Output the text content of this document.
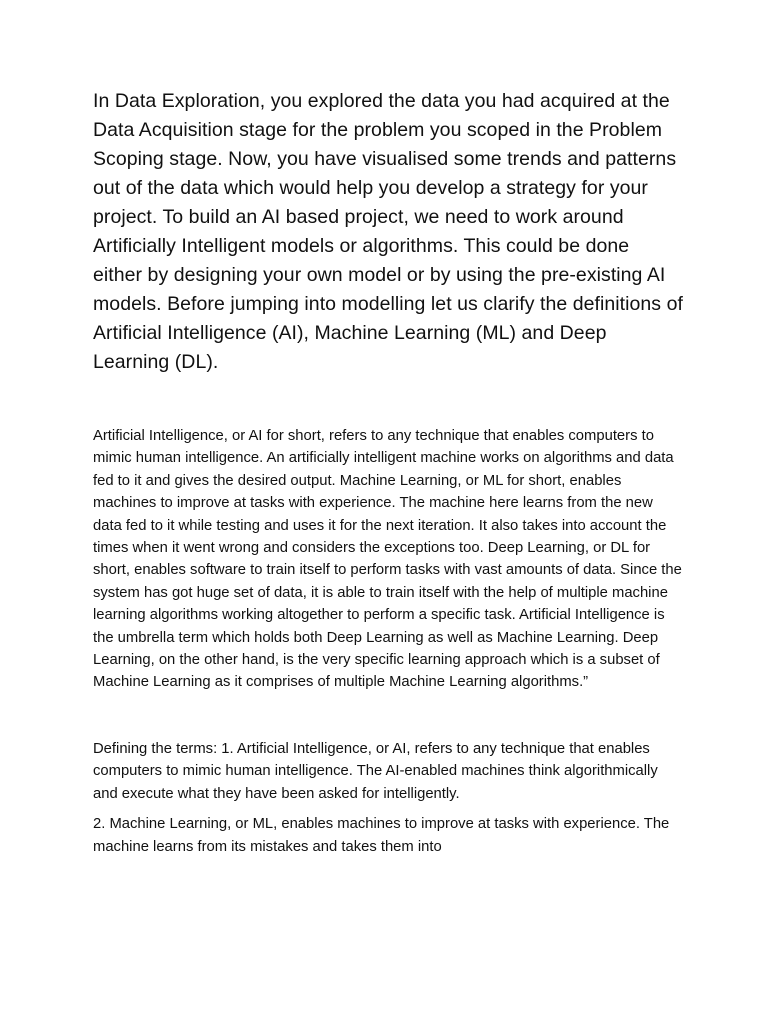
In Data Exploration, you explored the data you had acquired at the Data Acquisition stage for the problem you scoped in the Problem Scoping stage. Now, you have visualised some trends and patterns out of the data which would help you develop a strategy for your project. To build an AI based project, we need to work around Artificially Intelligent models or algorithms. This could be done either by designing your own model or by using the pre-existing AI models. Before jumping into modelling let us clarify the definitions of Artificial Intelligence (AI), Machine Learning (ML) and Deep Learning (DL).

Artificial Intelligence, or AI for short, refers to any technique that enables computers to mimic human intelligence. An artificially intelligent machine works on algorithms and data fed to it and gives the desired output. Machine Learning, or ML for short, enables machines to improve at tasks with experience. The machine here learns from the new data fed to it while testing and uses it for the next iteration. It also takes into account the times when it went wrong and considers the exceptions too. Deep Learning, or DL for short, enables software to train itself to perform tasks with vast amounts of data. Since the system has got huge set of data, it is able to train itself with the help of multiple machine learning algorithms working altogether to perform a specific task. Artificial Intelligence is the umbrella term which holds both Deep Learning as well as Machine Learning. Deep Learning, on the other hand, is the very specific learning approach which is a subset of Machine Learning as it comprises of multiple Machine Learning algorithms.”

Defining the terms: 1. Artificial Intelligence, or AI, refers to any technique that enables computers to mimic human intelligence. The AI-enabled machines think algorithmically and execute what they have been asked for intelligently.

2. Machine Learning, or ML, enables machines to improve at tasks with experience. The machine learns from its mistakes and takes them into
